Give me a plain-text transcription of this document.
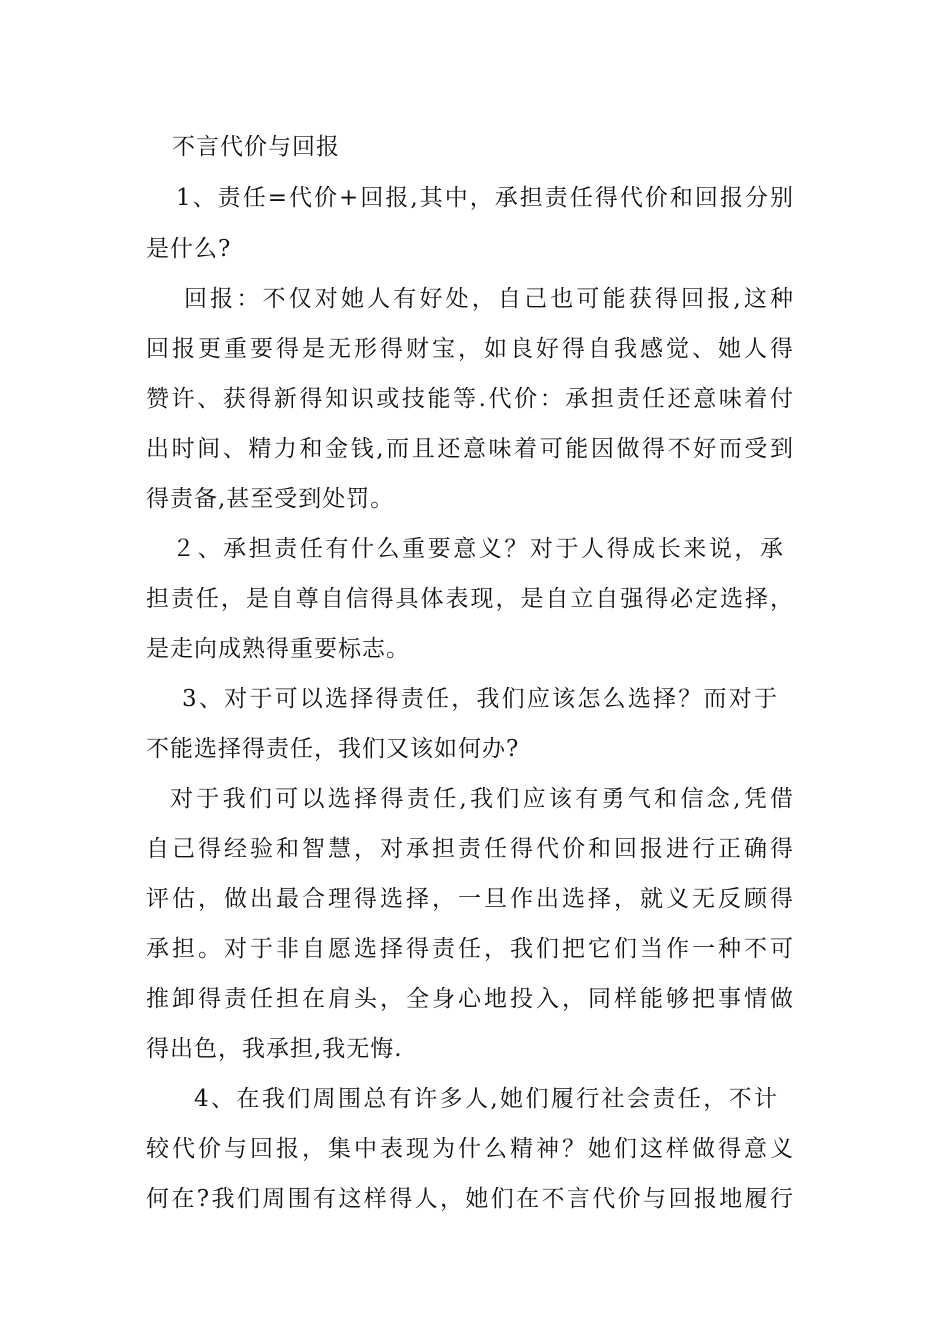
不言代价与回报
1、责任=代价+回报,其中，承担责任得代价和回报分别
是什么?
回报：不仅对她人有好处，自己也可能获得回报,这种
回报更重要得是无形得财宝，如良好得自我感觉、她人得
赞许、获得新得知识或技能等.代价：承担责任还意味着付
出时间、精力和金钱,而且还意味着可能因做得不好而受到
得责备,甚至受到处罚。
２、承担责任有什么重要意义？对于人得成长来说，承
担责任，是自尊自信得具体表现，是自立自强得必定选择，
是走向成熟得重要标志。
3、对于可以选择得责任，我们应该怎么选择？而对于
不能选择得责任，我们又该如何办?
对于我们可以选择得责任,我们应该有勇气和信念,凭借
自己得经验和智慧，对承担责任得代价和回报进行正确得
评估，做出最合理得选择，一旦作出选择，就义无反顾得
承担。对于非自愿选择得责任，我们把它们当作一种不可
推卸得责任担在肩头，全身心地投入，同样能够把事情做
得出色，我承担,我无悔.
4、在我们周围总有许多人,她们履行社会责任，不计
较代价与回报，集中表现为什么精神？她们这样做得意义
何在?我们周围有这样得人，她们在不言代价与回报地履行
